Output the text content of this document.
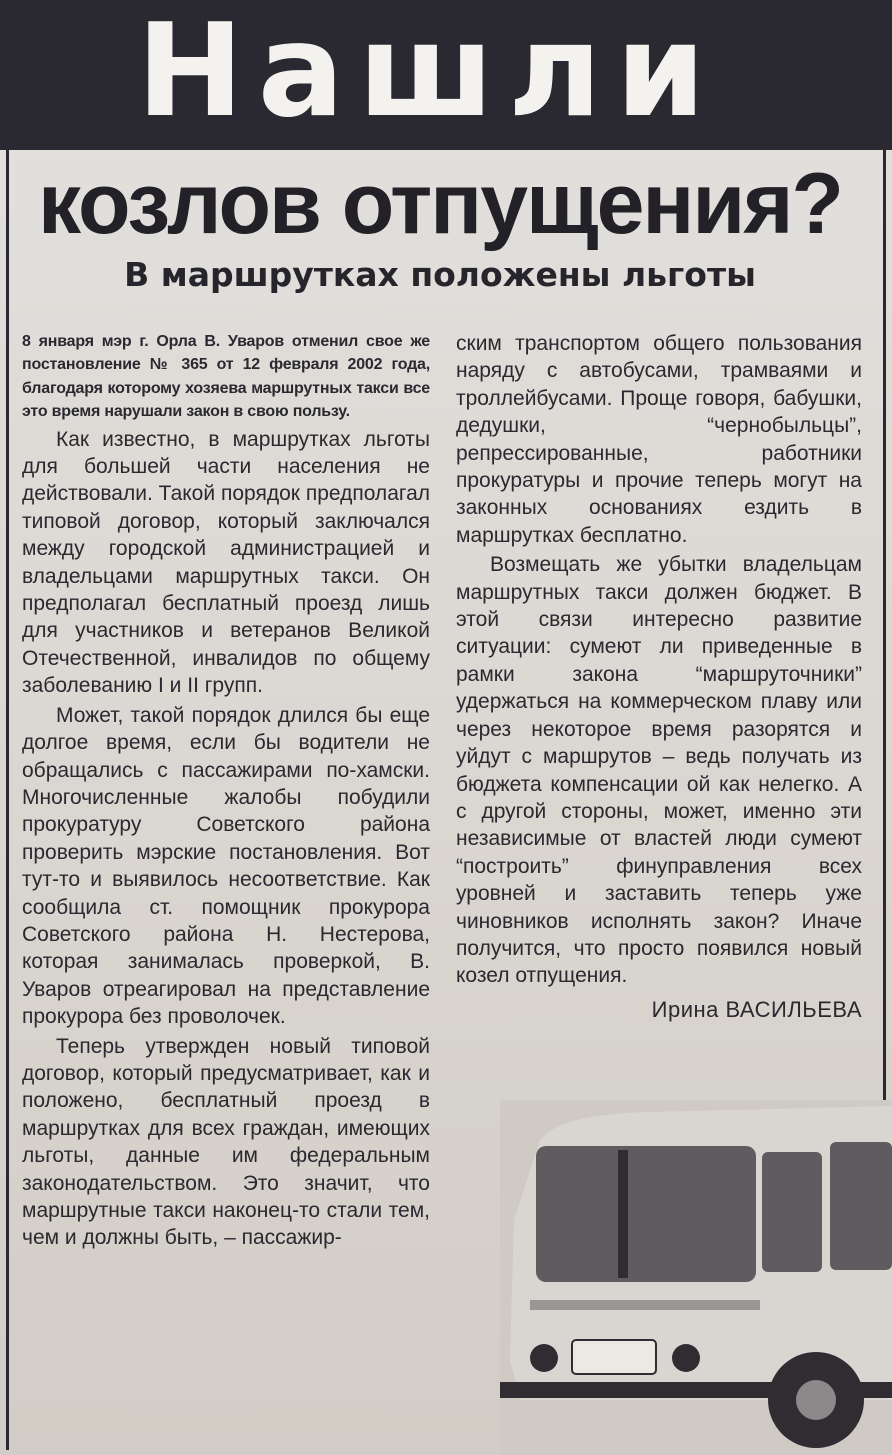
Нашли
козлов отпущения?
В маршрутках положены льготы

8 января мэр г. Орла В. Уваров отменил свое же постановление № 365 от 12 февраля 2002 года, благодаря которому хозяева маршрутных такси все это время нарушали закон в свою пользу.

Как известно, в маршрутках льготы для большей части населения не действовали. Такой порядок предполагал типовой договор, который заключался между городской администрацией и владельцами маршрутных такси. Он предполагал бесплатный проезд лишь для участников и ветеранов Великой Отечественной, инвалидов по общему заболеванию I и II групп.

Может, такой порядок длился бы еще долгое время, если бы водители не обращались с пассажирами по-хамски. Многочисленные жалобы побудили прокуратуру Советского района проверить мэрские постановления. Вот тут-то и выявилось несоответствие. Как сообщила ст. помощник прокурора Советского района Н. Нестерова, которая занималась проверкой, В. Уваров отреагировал на представление прокурора без проволочек.

Теперь утвержден новый типовой договор, который предусматривает, как и положено, бесплатный проезд в маршрутках для всех граждан, имеющих льготы, данные им федеральным законодательством. Это значит, что маршрутные такси наконец-то стали тем, чем и должны быть, – пассажир-

ским транспортом общего пользования наряду с автобусами, трамваями и троллейбусами. Проще говоря, бабушки, дедушки, “чернобыльцы”, репрессированные, работники прокуратуры и прочие теперь могут на законных основаниях ездить в маршрутках бесплатно.

Возмещать же убытки владельцам маршрутных такси должен бюджет. В этой связи интересно развитие ситуации: сумеют ли приведенные в рамки закона “маршруточники” удержаться на коммерческом плаву или через некоторое время разорятся и уйдут с маршрутов – ведь получать из бюджета компенсации ой как нелегко. А с другой стороны, может, именно эти независимые от властей люди сумеют “построить” финуправления всех уровней и заставить теперь уже чиновников исполнять закон? Иначе получится, что просто появился новый козел отпущения.

Ирина ВАСИЛЬЕВА
